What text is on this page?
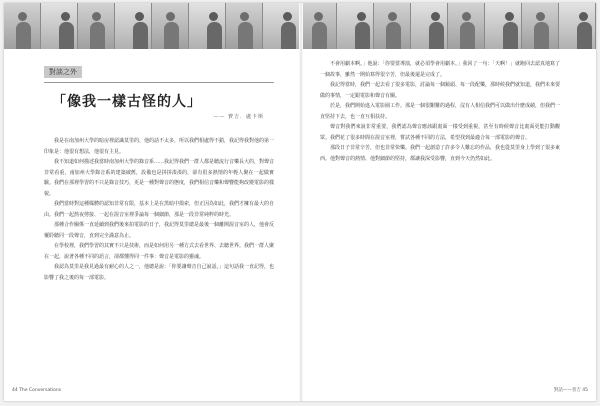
對談之外
「像我一樣古怪的人」
—— 費吉．盧卡斯

我是在南加州大學的暗房裡認識莫里的，他的話不太多，所以我們相處得不錯，我記得我對他的第一印象是：他很有想法，他很有主見。

我不知道如何描述我當時南加州大學的錄音系……我記得我們一群人都是聽流行音樂長大的，對聲音非常看重，南加州大學錄音系的建築破舊，設備也是拼拼湊湊的，卻有很多熱情的年輕人聚在一起做實驗。我們在那裡學習的不只是錄音技巧，更是一種對聲音的態度，我們相信音樂和聲響能夠改變電影的樣貌。

我們當時對這種媒體的認知非常有限，基本上是在黑暗中摸索，但正因為如此，我們才擁有最大的自由。我們一起熬夜剪接、一起在混音室裡爭論每一個細節，那是一段非常純粹的時光。

那種合作關係一直延續到我們後來拍電影的日子，我記得莫里總是最後一個離開混音室的人，他會反覆聆聽同一段聲音，直到完全滿意為止。

在學校裡，我們學習的其實不只是技術，而是如何用另一種方式去看世界、去聽世界。我們一群人聚在一起，說著各種不同的語言，卻都懂得同一件事：聲音是電影的靈魂。

我認為莫里是我見過最有耐心的人之一，他總是說：「你要讓聲音自己說話。」這句話我一直記得，也影響了我之後的每一部電影。

不會用劇本啊。」他說：「你要當導演，就必須學會用劇本。」我回了一句：「天啊！」就跑回去認真地寫了一個故事，雖然一開始寫得很辛苦，但最後還是完成了。

我記得當時，我們一起去看了很多電影，討論每一個鏡頭、每一段配樂，那時候我們就知道，我們未來要做的事情，一定跟電影和聲音有關。

於是，我們開始進入電影圈工作。那是一個很艱難的過程，沒有人相信我們可以做出什麼成績，但我們一直堅持下去，也一直互相扶持。

聲音對我們來說非常重要，我們認為聲音應該跟畫面一樣受到重視，甚至有時候聲音比畫面更能打動觀眾。我們花了很多時間在混音室裡，嘗試各種不同的方法，希望找到最適合每一部電影的聲音。

那段日子非常辛苦，但也非常快樂。我們一起創造了許多令人難忘的作品，我也從莫里身上學到了很多東西。他對聲音的熱情、他對細節的堅持，都讓我深受影響，直到今天仍然如此。

44 The Conversations	對話——普吉 45
